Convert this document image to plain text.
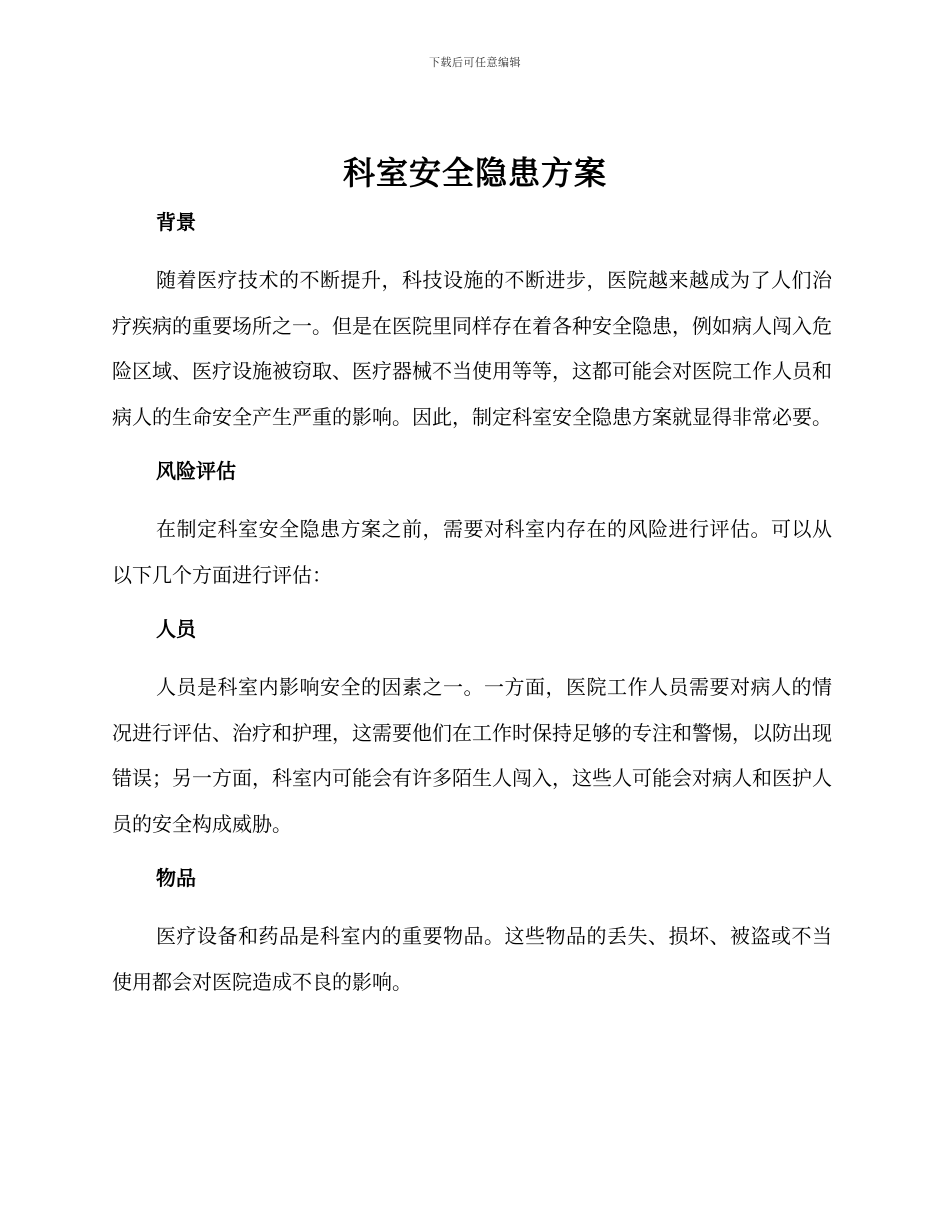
下载后可任意编辑
科室安全隐患方案
背景

随着医疗技术的不断提升，科技设施的不断进步，医院越来越成为了人们治疗疾病的重要场所之一。但是在医院里同样存在着各种安全隐患，例如病人闯入危险区域、医疗设施被窃取、医疗器械不当使用等等，这都可能会对医院工作人员和病人的生命安全产生严重的影响。因此，制定科室安全隐患方案就显得非常必要。

风险评估

在制定科室安全隐患方案之前，需要对科室内存在的风险进行评估。可以从以下几个方面进行评估：

人员

人员是科室内影响安全的因素之一。一方面，医院工作人员需要对病人的情况进行评估、治疗和护理，这需要他们在工作时保持足够的专注和警惕，以防出现错误；另一方面，科室内可能会有许多陌生人闯入，这些人可能会对病人和医护人员的安全构成威胁。

物品

医疗设备和药品是科室内的重要物品。这些物品的丢失、损坏、被盗或不当使用都会对医院造成不良的影响。
